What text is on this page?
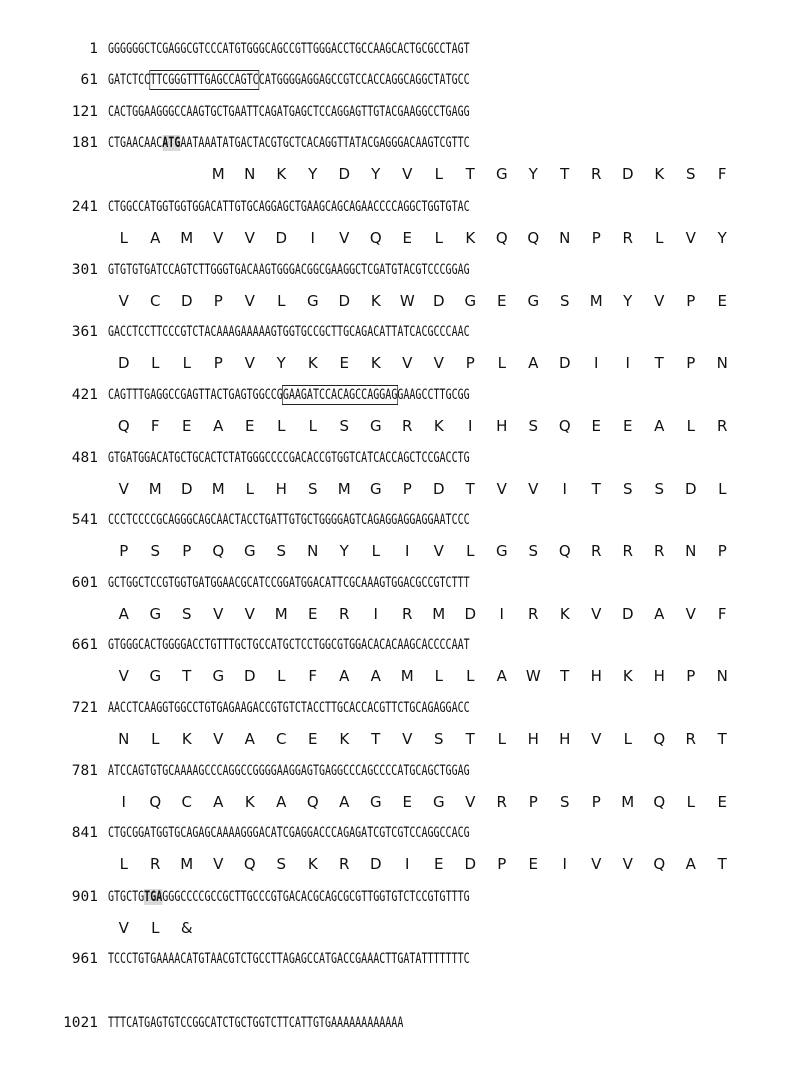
1 GGGGGGCTCGAGGCGTCCCATGTGGGCAGCCGTTGGGACCTGCCAAGCACTGCGCCTAGT
61 GATCTCCTTCGGGTTTGAGCCAGTCCATGGGGAGGAGCCGTCCACCAGGCAGGCTATGCC
121 CACTGGAAGGGCCAAGTGCTGAATTCAGATGAGCTCCAGGAGTTGTACGAAGGCCTGAGG
181 CTGAACAACATGAATAAATATGACTACGTGCTCACAGGTTATACGAGGGACAAGTCGTTC
M N K Y D Y V L T G Y T R D K S F
241 CTGGCCATGGTGGTGGACATTGTGCAGGAGCTGAAGCAGCAGAACCCCAGGCTGGTGTAC
L A M V V D I V Q E L K Q Q N P R L V Y
301 GTGTGTGATCCAGTCTTGGGTGACAAGTGGGACGGCGAAGGCTCGATGTACGTCCCGGAG
V C D P V L G D K W D G E G S M Y V P E
361 GACCTCCTTCCCGTCTACAAAGAAAAAGTGGTGCCGCTTGCAGACATTATCACGCCCAAC
D L L P V Y K E K V V P L A D I I T P N
421 CAGTTTGAGGCCGAGTTACTGAGTGGCCGGAAGATCCACAGCCAGGAGGAAGCCTTGCGG
Q F E A E L L S G R K I H S Q E E A L R
481 GTGATGGACATGCTGCACTCTATGGGCCCCGACACCGTGGTCATCACCAGCTCCGACCTG
V M D M L H S M G P D T V V I T S S D L
541 CCCTCCCCGCAGGGCAGCAACTACCTGATTGTGCTGGGGAGTCAGAGGAGGAGGAATCCC
P S P Q G S N Y L I V L G S Q R R R N P
601 GCTGGCTCCGTGGTGATGGAACGCATCCGGATGGACATTCGCAAAGTGGACGCCGTCTTT
A G S V V M E R I R M D I R K V D A V F
661 GTGGGCACTGGGGACCTGTTTGCTGCCATGCTCCTGGCGTGGACACACAAGCACCCCAAT
V G T G D L F A A M L L A W T H K H P N
721 AACCTCAAGGTGGCCTGTGAGAAGACCGTGTCTACCTTGCACCACGTTCTGCAGAGGACC
N L K V A C E K T V S T L H H V L Q R T
781 ATCCAGTGTGCAAAAGCCCAGGCCGGGGAAGGAGTGAGGCCCAGCCCCATGCAGCTGGAG
I Q C A K A Q A G E G V R P S P M Q L E
841 CTGCGGATGGTGCAGAGCAAAAGGGACATCGAGGACCCAGAGATCGTCGTCCAGGCCACG
L R M V Q S K R D I E D P E I V V Q A T
901 GTGCTGTGAGGGCCCCGCCGCTTGCCCGTGACACGCAGCGCGTTGGTGTCTCCGTGTTTG
V L &
961 TCCCTGTGAAAACATGTAACGTCTGCCTTAGAGCCATGACCGAAACTTGATATTTTTTTC
1021 TTTCATGAGTGTCCGGCATCTGCTGGTCTTCATTGTGAAAAAAAAAAAA
